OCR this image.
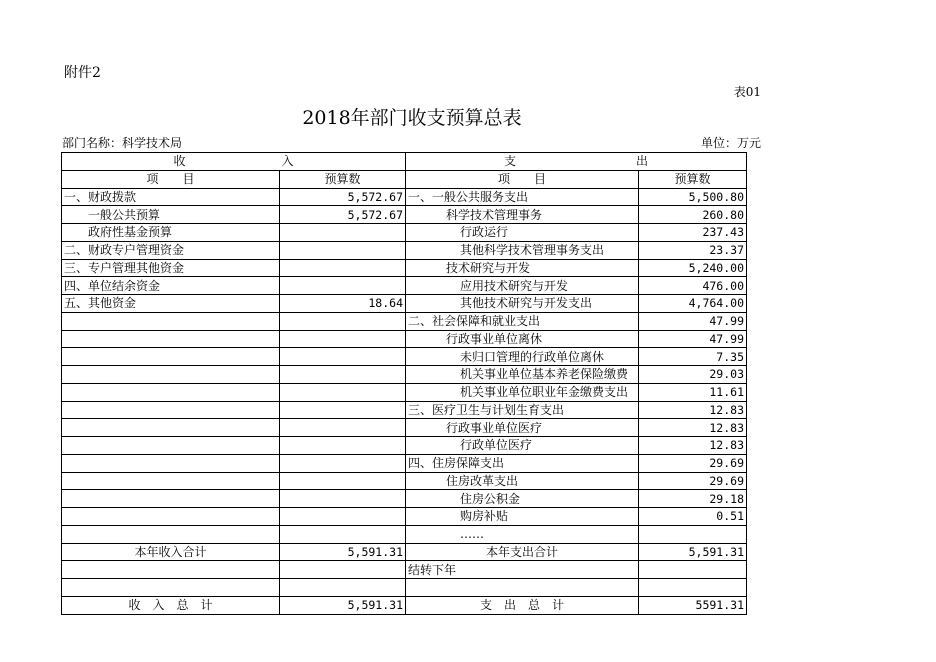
附件2
表01
2018年部门收支预算总表
部门名称：科学技术局	单位：万元
收　　　　　　　　入		支　　　　　　　　　　出	
项　　目	预算数	项　　目	预算数
一、财政拨款	5,572.67	一、一般公共服务支出	5,500.80
一般公共预算	5,572.67	科学技术管理事务	260.80
政府性基金预算		行政运行	237.43
二、财政专户管理资金		其他科学技术管理事务支出	23.37
三、专户管理其他资金		技术研究与开发	5,240.00
四、单位结余资金		应用技术研究与开发	476.00
五、其他资金	18.64	其他技术研究与开发支出	4,764.00
		二、社会保障和就业支出	47.99
		行政事业单位离休	47.99
		未归口管理的行政单位离休	7.35
		机关事业单位基本养老保险缴费	29.03
		机关事业单位职业年金缴费支出	11.61
		三、医疗卫生与计划生育支出	12.83
		行政事业单位医疗	12.83
		行政单位医疗	12.83
		四、住房保障支出	29.69
		住房改革支出	29.69
		住房公积金	29.18
		购房补贴	0.51
		……	
本年收入合计	5,591.31	本年支出合计	5,591.31
		结转下年	

收　入　总　计	5,591.31	支　出　总　计	5591.31
